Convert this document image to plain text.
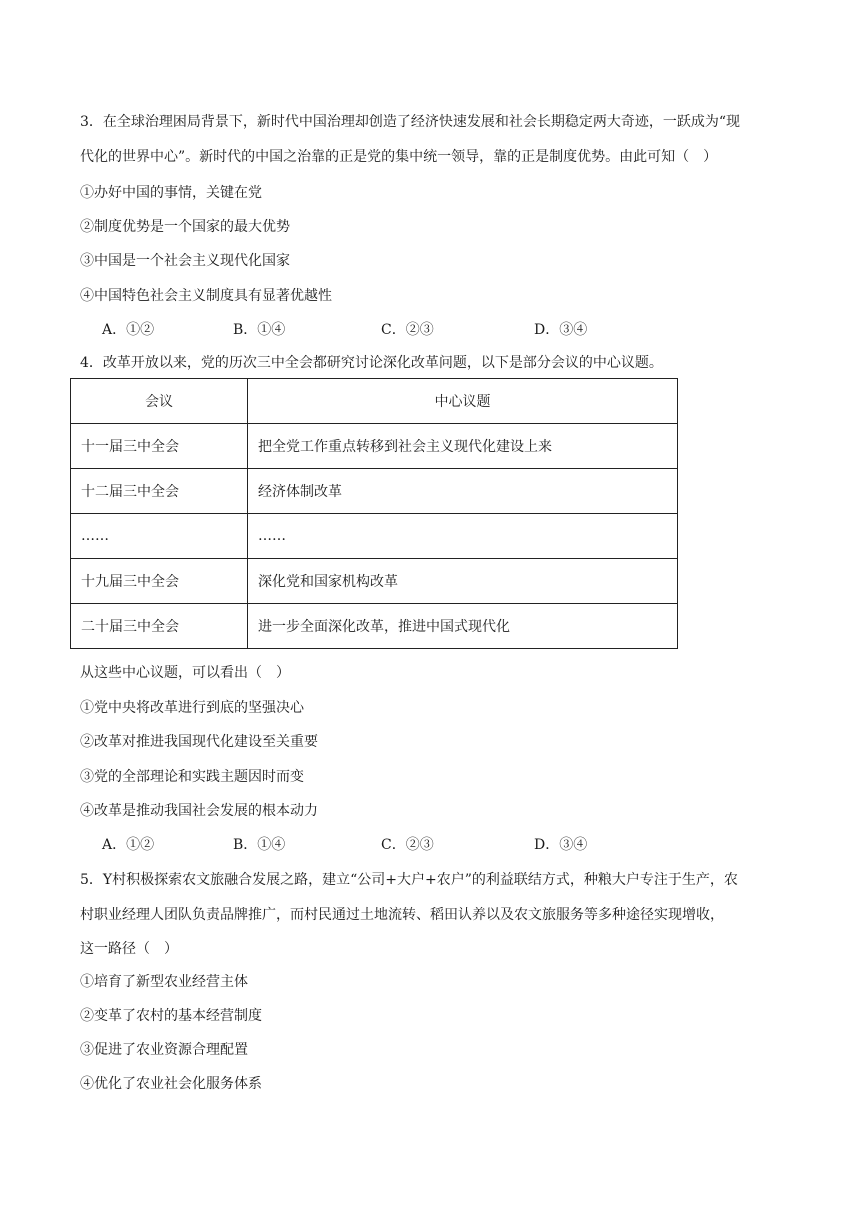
3．在全球治理困局背景下，新时代中国治理却创造了经济快速发展和社会长期稳定两大奇迹，一跃成为“现
代化的世界中心”。新时代的中国之治靠的正是党的集中统一领导，靠的正是制度优势。由此可知（　）
①办好中国的事情，关键在党
②制度优势是一个国家的最大优势
③中国是一个社会主义现代化国家
④中国特色社会主义制度具有显著优越性
A．①②	B．①④	C．②③	D．③④
4．改革开放以来，党的历次三中全会都研究讨论深化改革问题，以下是部分会议的中心议题。
会议	中心议题
十一届三中全会	把全党工作重点转移到社会主义现代化建设上来
十二届三中全会	经济体制改革
……	……
十九届三中全会	深化党和国家机构改革
二十届三中全会	进一步全面深化改革，推进中国式现代化
从这些中心议题，可以看出（　）
①党中央将改革进行到底的坚强决心
②改革对推进我国现代化建设至关重要
③党的全部理论和实践主题因时而变
④改革是推动我国社会发展的根本动力
A．①②	B．①④	C．②③	D．③④
5．Y村积极探索农文旅融合发展之路，建立“公司+大户+农户”的利益联结方式，种粮大户专注于生产，农
村职业经理人团队负责品牌推广，而村民通过土地流转、稻田认养以及农文旅服务等多种途径实现增收，
这一路径（　）
①培育了新型农业经营主体
②变革了农村的基本经营制度
③促进了农业资源合理配置
④优化了农业社会化服务体系
